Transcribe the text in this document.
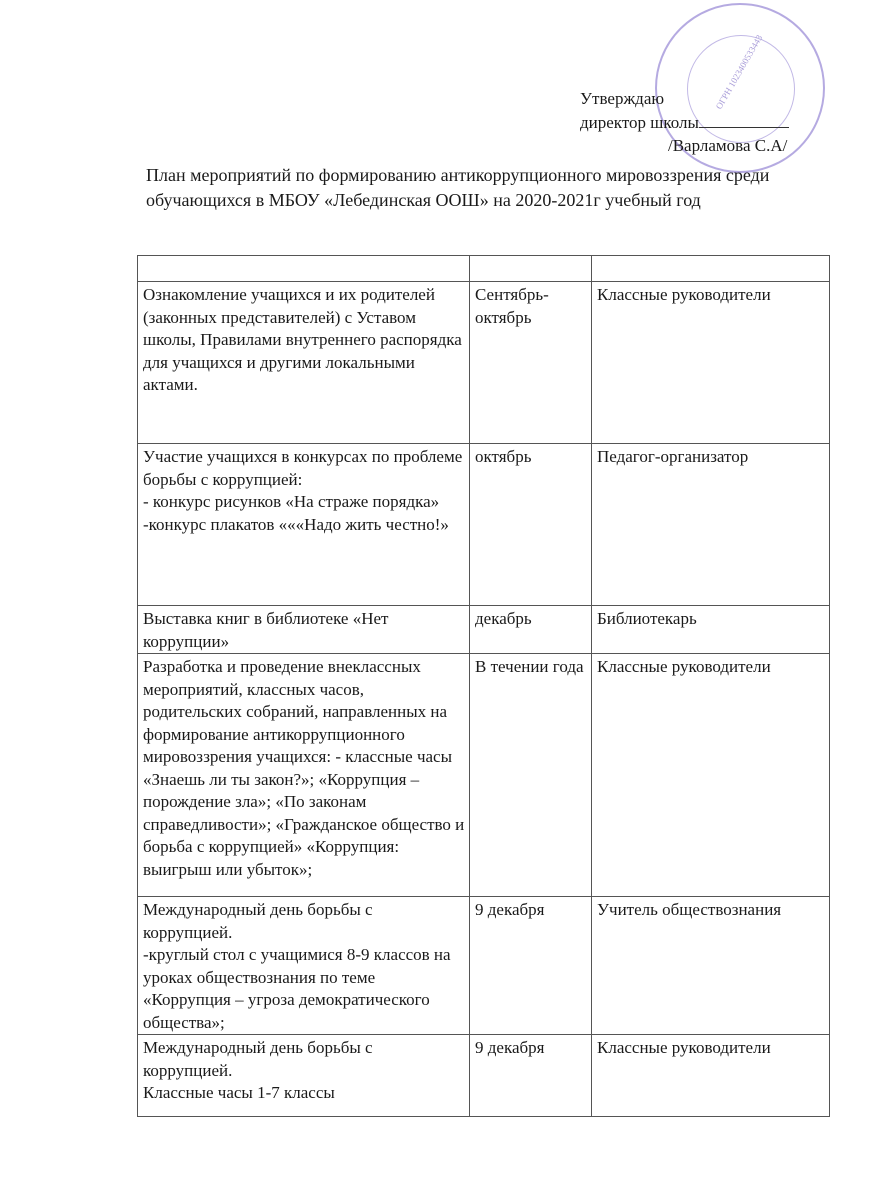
ОГРН 1023400533443
Утверждаю
директор школы
/Варламова С.А/
План мероприятий по формированию антикоррупционного мировоззрения среди обучающихся в МБОУ «Лебединская ООШ» на 2020-2021г учебный год

Ознакомление учащихся и их родителей (законных представителей) с Уставом школы, Правилами внутреннего распорядка для учащихся и другими локальными актами.	Сентябрь-октябрь	Классные руководители
Участие учащихся в конкурсах по проблеме борьбы с коррупцией:
- конкурс рисунков «На страже порядка»
-конкурс плакатов «««Надо жить честно!»	октябрь	Педагог-организатор
Выставка книг в библиотеке «Нет коррупции»	декабрь	Библиотекарь
Разработка и проведение внеклассных мероприятий, классных часов, родительских собраний, направленных на формирование антикоррупционного мировоззрения учащихся: - классные часы «Знаешь ли ты закон?»; «Коррупция – порождение зла»; «По законам справедливости»; «Гражданское общество и борьба с коррупцией» «Коррупция: выигрыш или убыток»;	В течении года	Классные руководители
Международный день борьбы с коррупцией.
-круглый стол с учащимися 8-9 классов на уроках обществознания по теме «Коррупция – угроза демократического общества»;	9 декабря	Учитель обществознания
Международный день борьбы с коррупцией.
Классные часы 1-7 классы	9 декабря	Классные руководители
